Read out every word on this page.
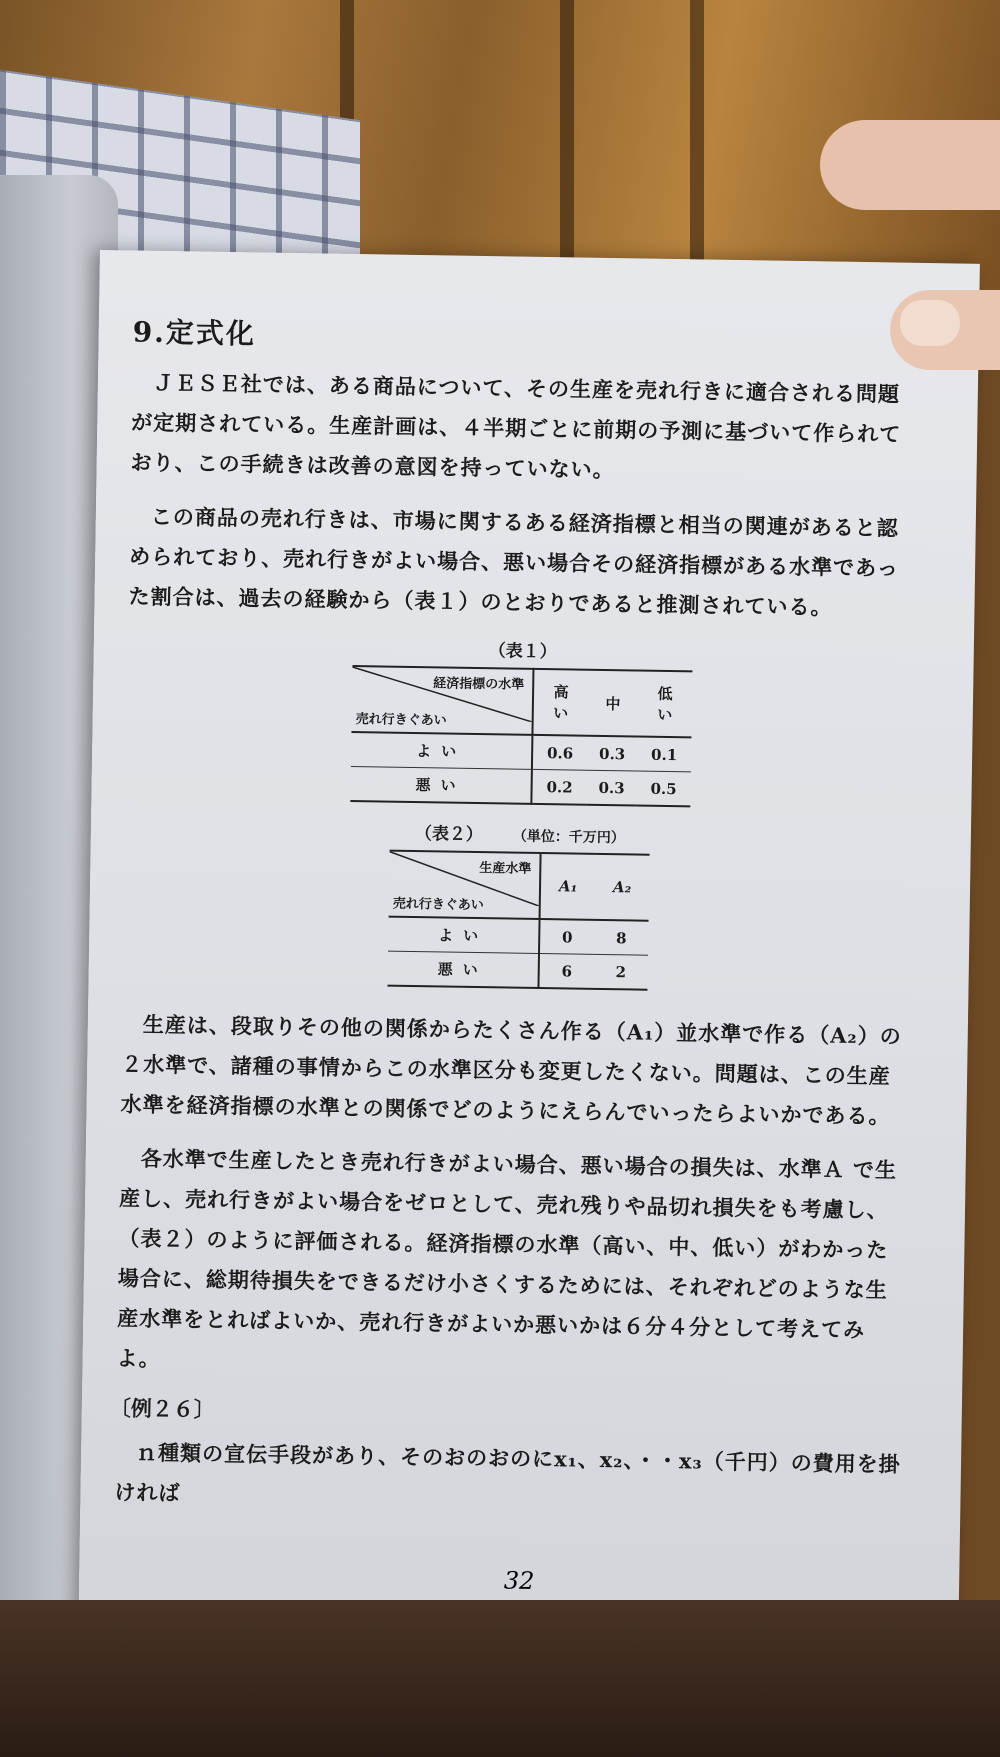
9.定式化

ＪＥＳＥ社では、ある商品について、その生産を売れ行きに適合される問題が定期されている。生産計画は、４半期ごとに前期の予測に基づいて作られており、この手続きは改善の意図を持っていない。

この商品の売れ行きは、市場に関するある経済指標と相当の関連があると認められており、売れ行きがよい場合、悪い場合その経済指標がある水準であった割合は、過去の経験から（表１）のとおりであると推測されている。

（表１）
経済指標の水準
売れ行きぐあい	高い	中	低い
よい	0.6	0.3	0.1
悪い	0.2	0.3	0.5
（表２） （単位：千万円）
生産水準
売れ行きぐあい	A₁	A₂
よい	0	8
悪い	6	2

生産は、段取りその他の関係からたくさん作る（A₁）並水準で作る（A₂）の２水準で、諸種の事情からこの水準区分も変更したくない。問題は、この生産水準を経済指標の水準との関係でどのようにえらんでいったらよいかである。

各水準で生産したとき売れ行きがよい場合、悪い場合の損失は、水準Ａ で生産し、売れ行きがよい場合をゼロとして、売れ残りや品切れ損失をも考慮し、（表２）のように評価される。経済指標の水準（高い、中、低い）がわかった場合に、総期待損失をできるだけ小さくするためには、それぞれどのような生産水準をとればよいか、売れ行きがよいか悪いかは６分４分として考えてみよ。

〔例２６〕

ｎ種類の宣伝手段があり、そのおのおのにx₁、x₂、・・x₃（千円）の費用を掛ければ

32
